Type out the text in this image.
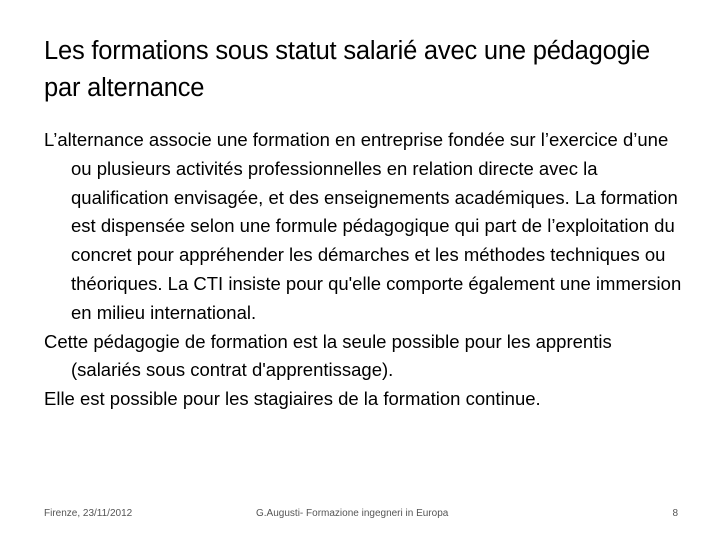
Les formations sous statut salarié avec une pédagogie par alternance

L’alternance associe une formation en entreprise fondée sur l’exercice d’une ou plusieurs activités professionnelles en relation directe avec la qualification envisagée, et des enseignements académiques. La formation est dispensée selon une formule pédagogique qui part de l’exploitation du concret pour appréhender les démarches et les méthodes techniques ou théoriques. La CTI insiste pour qu'elle comporte également une immersion en milieu international.

Cette pédagogie de formation est la seule possible pour les apprentis (salariés sous contrat d'apprentissage).

Elle est possible pour les stagiaires de la formation continue.

Firenze, 23/11/2012	G.Augusti- Formazione ingegneri in Europa	8
